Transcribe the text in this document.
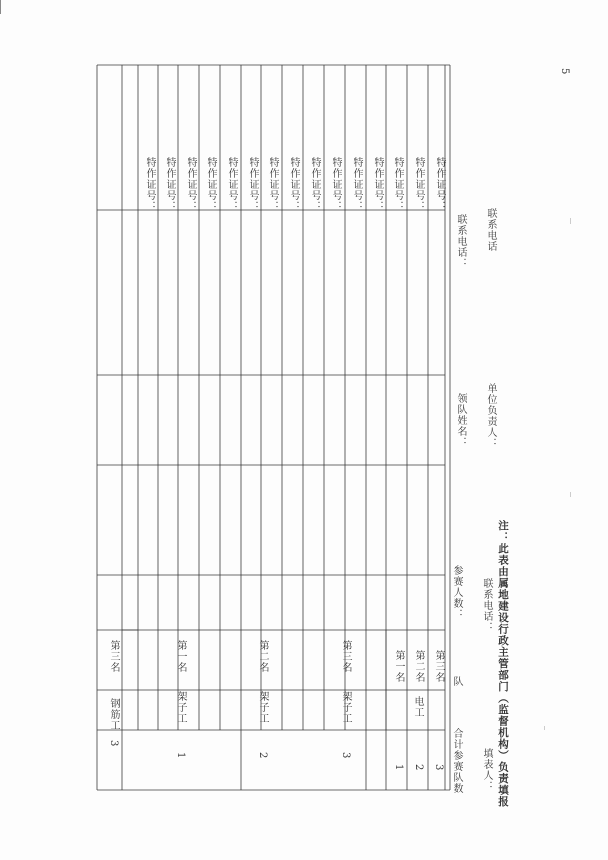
3
钢筋工
第三名
1
架子工
第一名
2
架子工
第二名
3
架子工
第三名
电工
1
第一名
2
第二名
3
第三名
特作证号： 特作证号： 特作证号： 特作证号： 特作证号： 特作证号： 特作证号： 特作证号： 特作证号： 特作证号： 特作证号： 特作证号： 特作证号： 特作证号： 特作证号：
合计参赛队数
队
参赛人数：
领队姓名：
联系电话：
填表人：
联系电话：
单位负责人：
联系电话
注：此表由属地建设行政主管部门（监督机构）负责填报
5
